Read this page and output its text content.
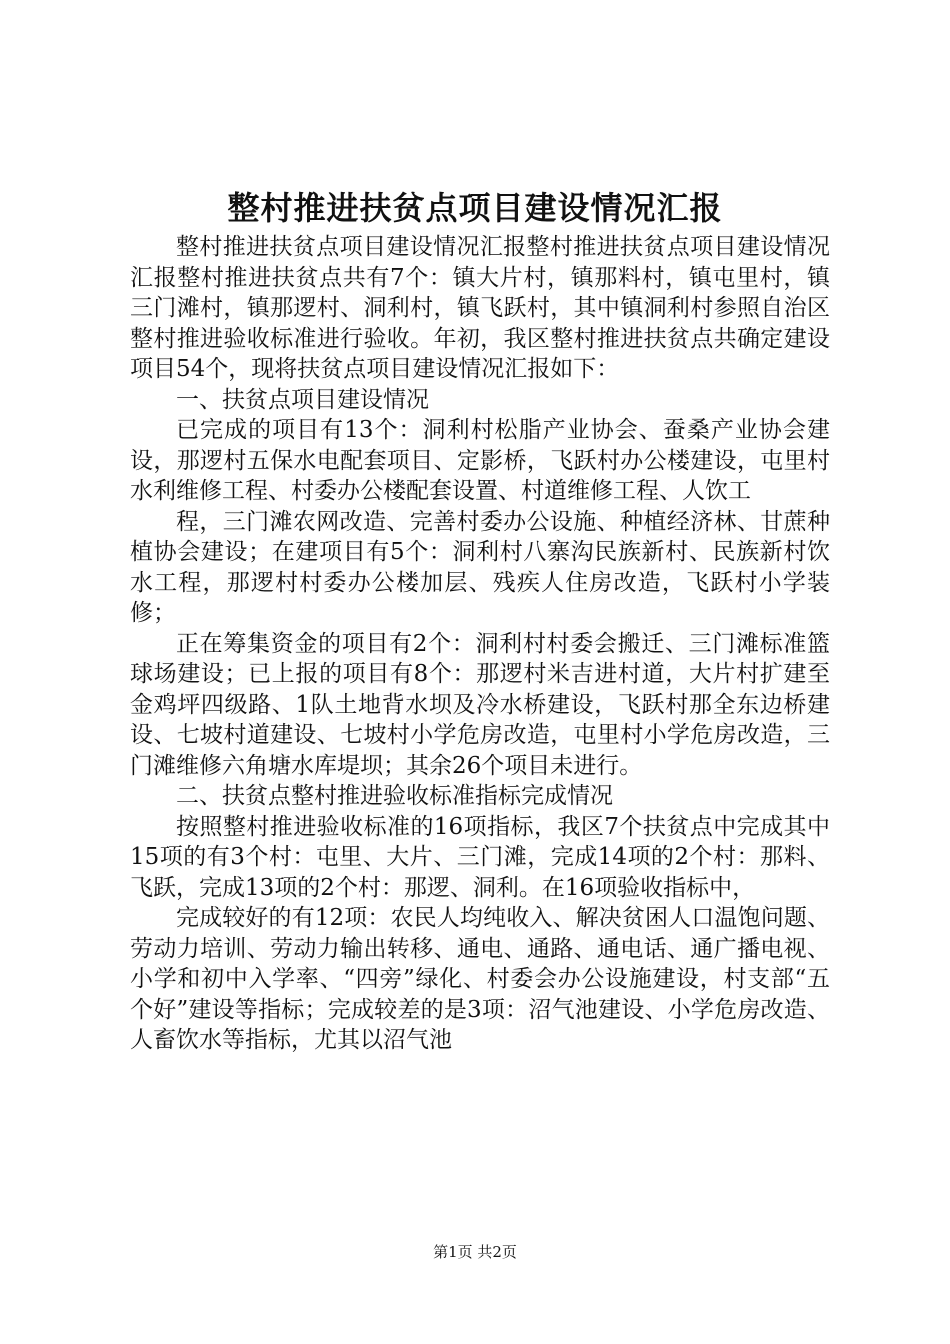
整村推进扶贫点项目建设情况汇报

整村推进扶贫点项目建设情况汇报整村推进扶贫点项目建设情况汇报整村推进扶贫点共有7个：镇大片村，镇那料村，镇屯里村，镇三门滩村，镇那逻村、洞利村，镇飞跃村，其中镇洞利村参照自治区整村推进验收标准进行验收。年初，我区整村推进扶贫点共确定建设项目54个，现将扶贫点项目建设情况汇报如下：

一、扶贫点项目建设情况

已完成的项目有13个：洞利村松脂产业协会、蚕桑产业协会建设，那逻村五保水电配套项目、定影桥，飞跃村办公楼建设，屯里村水利维修工程、村委办公楼配套设置、村道维修工程、人饮工

程，三门滩农网改造、完善村委办公设施、种植经济林、甘蔗种植协会建设；在建项目有5个：洞利村八寨沟民族新村、民族新村饮水工程，那逻村村委办公楼加层、残疾人住房改造，飞跃村小学装修；

正在筹集资金的项目有2个：洞利村村委会搬迁、三门滩标准篮球场建设；已上报的项目有8个：那逻村米吉进村道，大片村扩建至金鸡坪四级路、1队土地背水坝及冷水桥建设，飞跃村那全东边桥建设、七坡村道建设、七坡村小学危房改造，屯里村小学危房改造，三门滩维修六角塘水库堤坝；其余26个项目未进行。

二、扶贫点整村推进验收标准指标完成情况

按照整村推进验收标准的16项指标，我区7个扶贫点中完成其中15项的有3个村：屯里、大片、三门滩，完成14项的2个村：那料、飞跃，完成13项的2个村：那逻、洞利。在16项验收指标中，

完成较好的有12项：农民人均纯收入、解决贫困人口温饱问题、劳动力培训、劳动力输出转移、通电、通路、通电话、通广播电视、小学和初中入学率、“四旁”绿化、村委会办公设施建设，村支部“五个好”建设等指标；完成较差的是3项：沼气池建设、小学危房改造、人畜饮水等指标，尤其以沼气池

第1页 共2页
